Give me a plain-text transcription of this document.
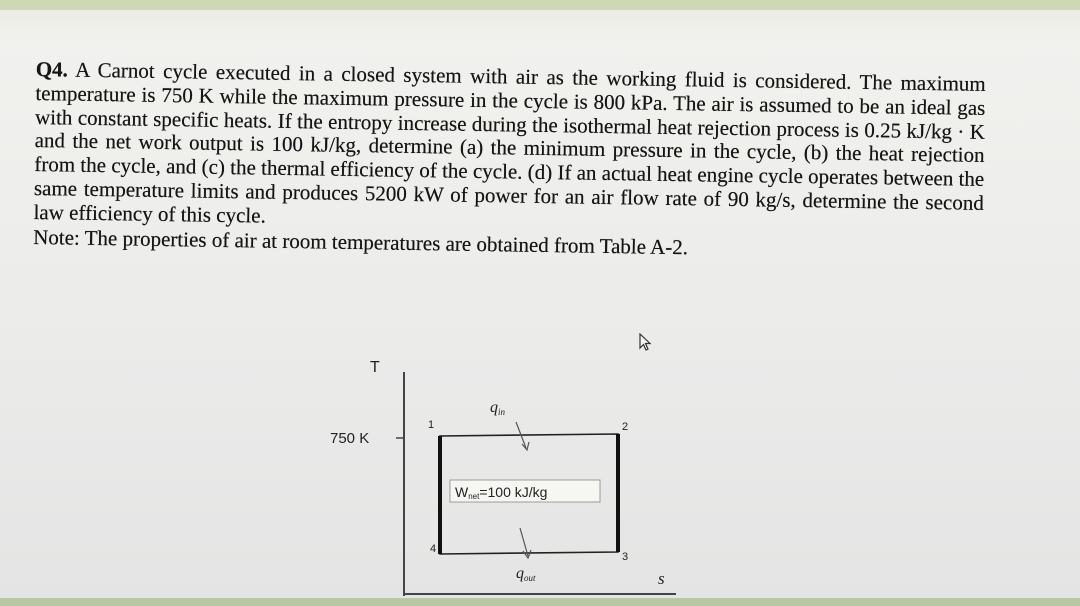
Q4. A Carnot cycle executed in a closed system with air as the working fluid is considered. The maximum temperature is 750 K while the maximum pressure in the cycle is 800 kPa. The air is assumed to be an ideal gas with constant specific heats. If the entropy increase during the isothermal heat rejection process is 0.25 kJ/kg · K and the net work output is 100 kJ/kg, determine (a) the minimum pressure in the cycle, (b) the heat rejection from the cycle, and (c) the thermal efficiency of the cycle. (d) If an actual heat engine cycle operates between the same temperature limits and produces 5200 kW of power for an air flow rate of 90 kg/s, determine the second law efficiency of this cycle.
Note: The properties of air at room temperatures are obtained from Table A-2.
T
s
750 K
1	2
3
4
qin
Wnet=100 kJ/kg
qout
